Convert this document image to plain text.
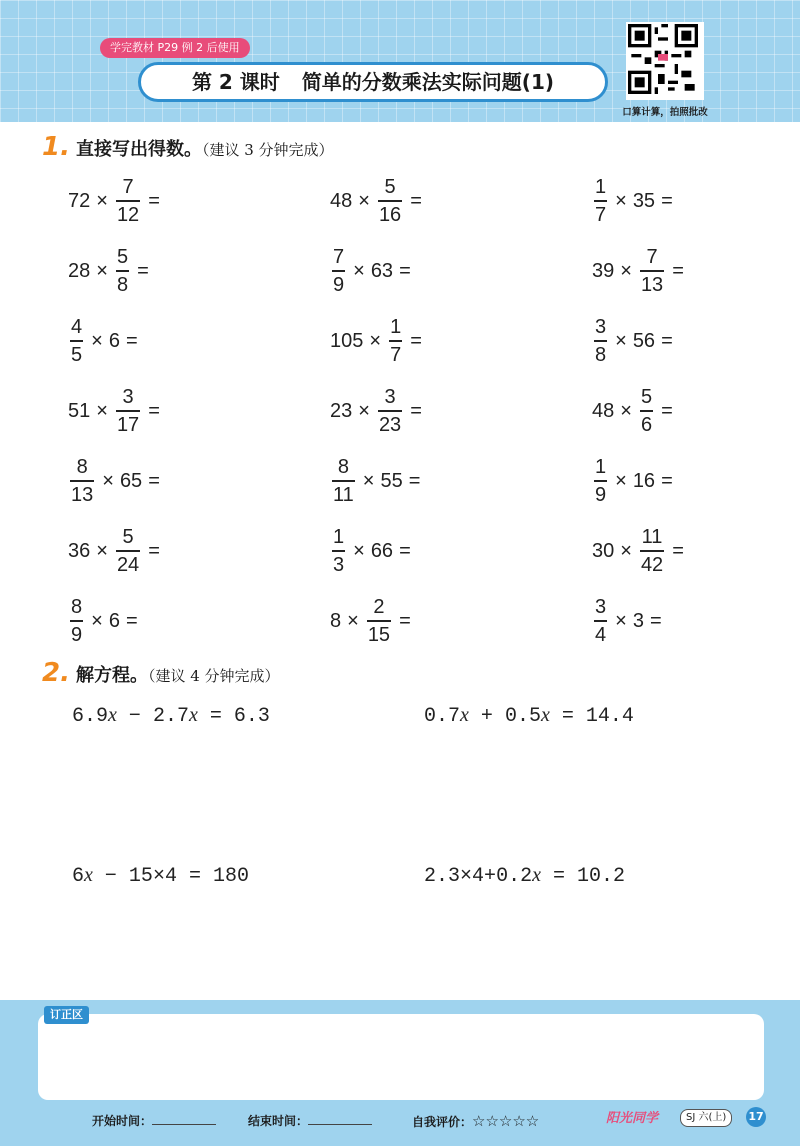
学完教材 P29 例 2 后使用
第 2 课时 简单的分数乘法实际问题(1)
口算计算，拍照批改
1. 直接写出得数。（建议 3 分钟完成）
$72 \times \frac{7}{12}$ =	$48 \times \frac{5}{16}$ =	$\frac{1}{7} \times 35$ =
$28 \times \frac{5}{8}$ =	$\frac{7}{9} \times 63$ =	$39 \times \frac{7}{13}$ =
$\frac{4}{5} \times 6$ =	$105 \times \frac{1}{7}$ =	$\frac{3}{8} \times 56$ =
$51 \times \frac{3}{17}$ =	$23 \times \frac{3}{23}$ =	$48 \times \frac{5}{6}$ =
$\frac{8}{13} \times 65$ =	$\frac{8}{11} \times 55$ =	$\frac{1}{9} \times 16$ =
$36 \times \frac{5}{24}$ =	$\frac{1}{3} \times 66$ =	$30 \times \frac{11}{42}$ =
$\frac{8}{9} \times 6$ =	$8 \times \frac{2}{15}$ =	$\frac{3}{4} \times 3$ =
2. 解方程。（建议 4 分钟完成）
6.9x − 2.7x = 6.3	0.7x + 0.5x = 14.4
6x − 15×4 = 180	2.3×4+0.2x = 10.2
订正区
开始时间：	结束时间：	自我评价：☆☆☆☆☆	阳光同学	SJ 六(上)	17
